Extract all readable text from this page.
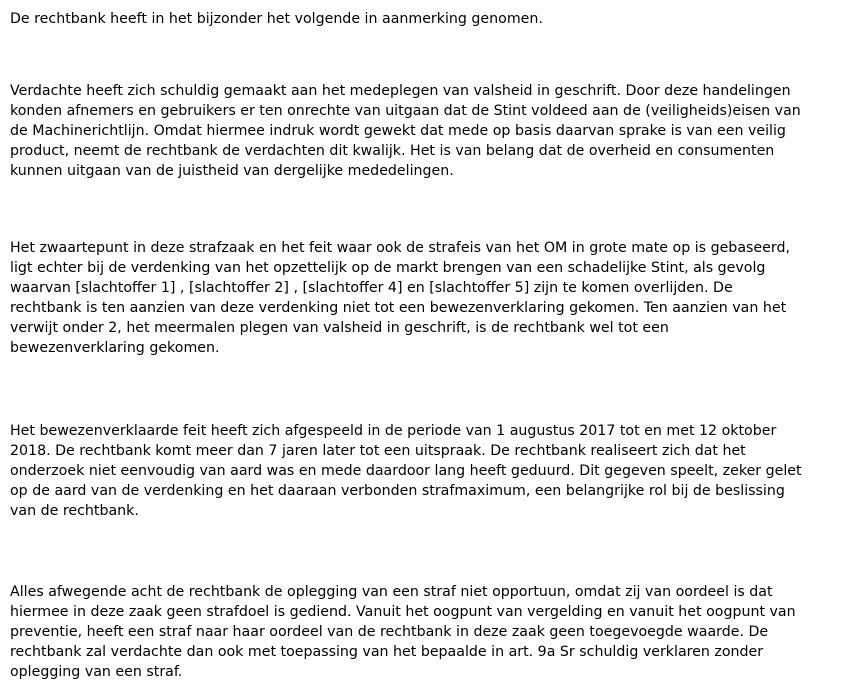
De rechtbank heeft in het bijzonder het volgende in aanmerking genomen.

Verdachte heeft zich schuldig gemaakt aan het medeplegen van valsheid in geschrift. Door deze handelingen
konden afnemers en gebruikers er ten onrechte van uitgaan dat de Stint voldeed aan de (veiligheids)eisen van
de Machinerichtlijn. Omdat hiermee indruk wordt gewekt dat mede op basis daarvan sprake is van een veilig
product, neemt de rechtbank de verdachten dit kwalijk. Het is van belang dat de overheid en consumenten
kunnen uitgaan van de juistheid van dergelijke mededelingen.

Het zwaartepunt in deze strafzaak en het feit waar ook de strafeis van het OM in grote mate op is gebaseerd,
ligt echter bij de verdenking van het opzettelijk op de markt brengen van een schadelijke Stint, als gevolg
waarvan [slachtoffer 1] , [slachtoffer 2] , [slachtoffer 4] en [slachtoffer 5] zijn te komen overlijden. De
rechtbank is ten aanzien van deze verdenking niet tot een bewezenverklaring gekomen. Ten aanzien van het
verwijt onder 2, het meermalen plegen van valsheid in geschrift, is de rechtbank wel tot een
bewezenverklaring gekomen.

Het bewezenverklaarde feit heeft zich afgespeeld in de periode van 1 augustus 2017 tot en met 12 oktober
2018. De rechtbank komt meer dan 7 jaren later tot een uitspraak. De rechtbank realiseert zich dat het
onderzoek niet eenvoudig van aard was en mede daardoor lang heeft geduurd. Dit gegeven speelt, zeker gelet
op de aard van de verdenking en het daaraan verbonden strafmaximum, een belangrijke rol bij de beslissing
van de rechtbank.

Alles afwegende acht de rechtbank de oplegging van een straf niet opportuun, omdat zij van oordeel is dat
hiermee in deze zaak geen strafdoel is gediend. Vanuit het oogpunt van vergelding en vanuit het oogpunt van
preventie, heeft een straf naar haar oordeel van de rechtbank in deze zaak geen toegevoegde waarde. De
rechtbank zal verdachte dan ook met toepassing van het bepaalde in art. 9a Sr schuldig verklaren zonder
oplegging van een straf.
